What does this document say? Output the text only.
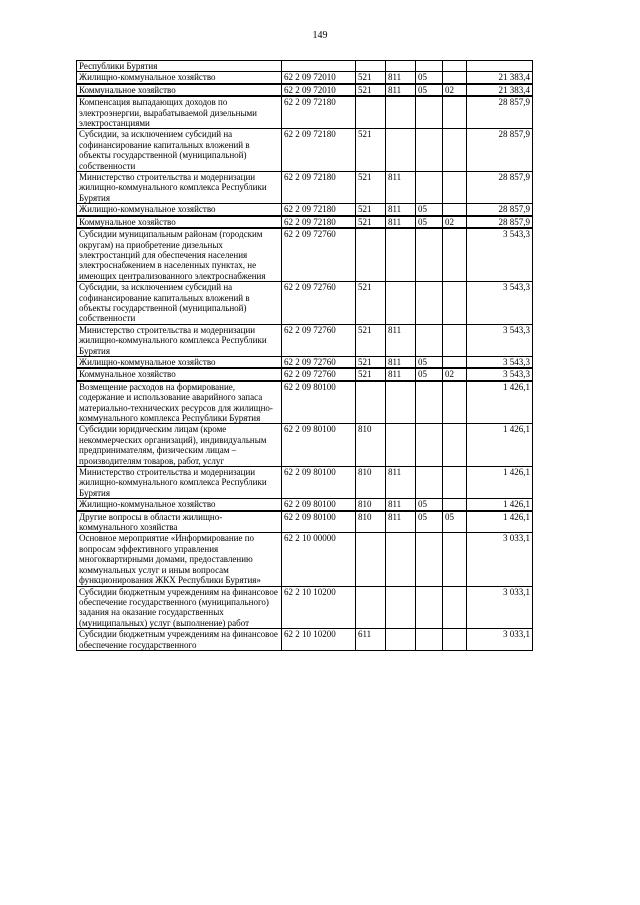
149
Республики Бурятия						
Жилищно-коммунальное хозяйство	62 2 09 72010	521	811	05		21 383,4
Коммунальное хозяйство	62 2 09 72010	521	811	05	02	21 383,4
Компенсация выпадающих доходов по электроэнергии, вырабатываемой дизельными электростанциями	62 2 09 72180					28 857,9
Субсидии, за исключением субсидий на софинансирование капитальных вложений в объекты государственной (муниципальной) собственности	62 2 09 72180	521				28 857,9
Министерство строительства и модернизации жилищно-коммунального комплекса Республики Бурятия	62 2 09 72180	521	811			28 857,9
Жилищно-коммунальное хозяйство	62 2 09 72180	521	811	05		28 857,9
Коммунальное хозяйство	62 2 09 72180	521	811	05	02	28 857,9
Субсидии муниципальным районам (городским округам) на приобретение дизельных электростанций для обеспечения населения электроснабжением в населенных пунктах, не имеющих централизованного электроснабжения	62 2 09 72760					3 543,3
Субсидии, за исключением субсидий на софинансирование капитальных вложений в объекты государственной (муниципальной) собственности	62 2 09 72760	521				3 543,3
Министерство строительства и модернизации жилищно-коммунального комплекса Республики Бурятия	62 2 09 72760	521	811			3 543,3
Жилищно-коммунальное хозяйство	62 2 09 72760	521	811	05		3 543,3
Коммунальное хозяйство	62 2 09 72760	521	811	05	02	3 543,3
Возмещение расходов на формирование, содержание и использование аварийного запаса материально-технических ресурсов для жилищно-коммунального комплекса Республики Бурятия	62 2 09 80100					1 426,1
Субсидии юридическим лицам (кроме некоммерческих организаций), индивидуальным предпринимателям, физическим лицам – производителям товаров, работ, услуг	62 2 09 80100	810				1 426,1
Министерство строительства и модернизации жилищно-коммунального комплекса Республики Бурятия	62 2 09 80100	810	811			1 426,1
Жилищно-коммунальное хозяйство	62 2 09 80100	810	811	05		1 426,1
Другие вопросы в области жилищно-коммунального хозяйства	62 2 09 80100	810	811	05	05	1 426,1
Основное мероприятие «Информирование по вопросам эффективного управления многоквартирными домами, предоставлению коммунальных услуг и иным вопросам функционирования ЖКХ Республики Бурятия»	62 2 10 00000					3 033,1
Субсидии бюджетным учреждениям на финансовое обеспечение государственного (муниципального) задания на оказание государственных (муниципальных) услуг (выполнение) работ	62 2 10 10200					3 033,1
Субсидии бюджетным учреждениям на финансовое обеспечение государственного	62 2 10 10200	611				3 033,1
